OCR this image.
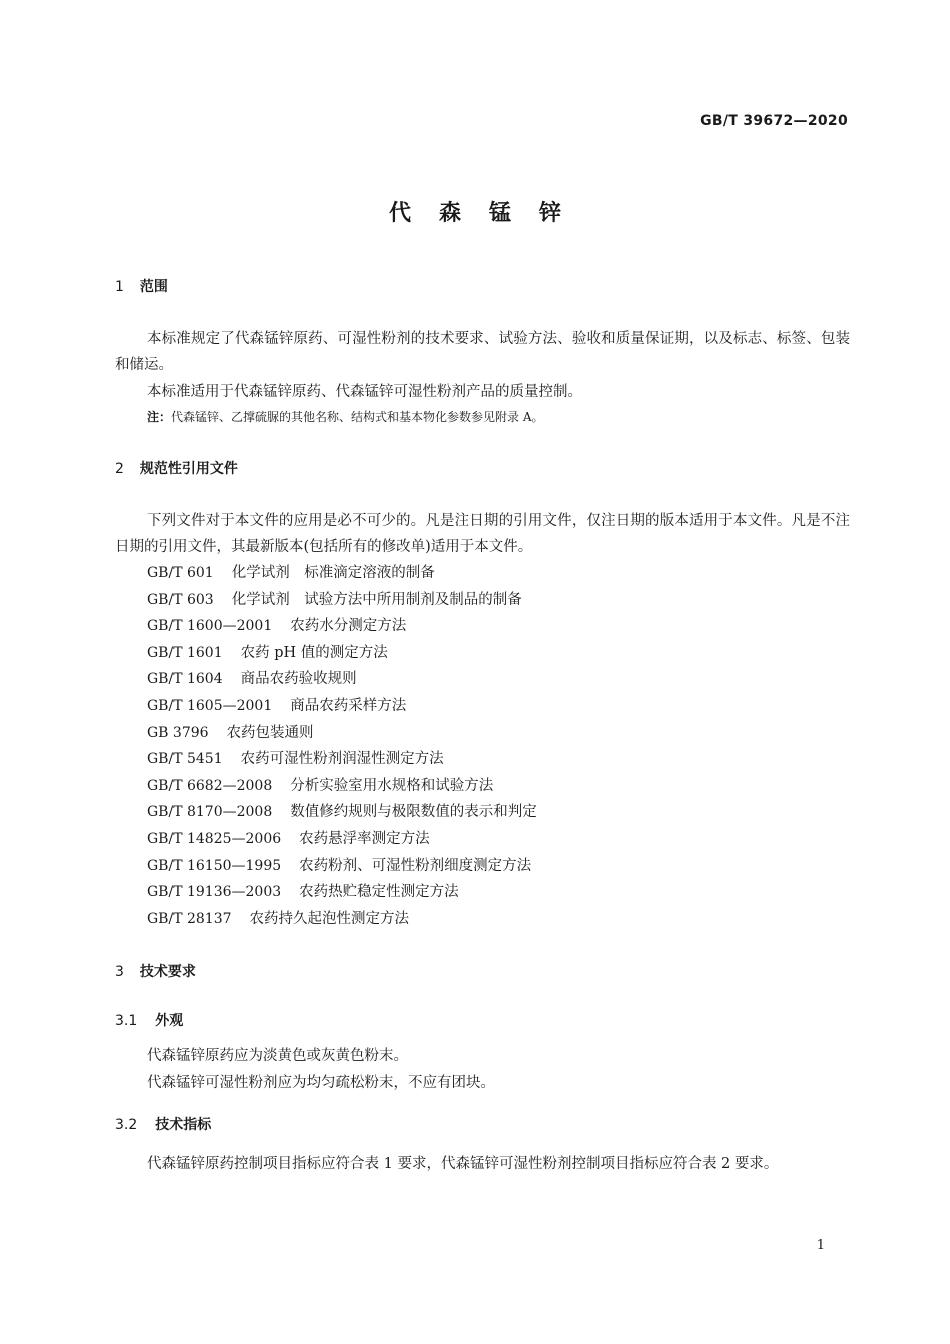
GB/T 39672—2020
代森锰锌
1 范围

本标准规定了代森锰锌原药、可湿性粉剂的技术要求、试验方法、验收和质量保证期，以及标志、标签、包装和储运。

本标准适用于代森锰锌原药、代森锰锌可湿性粉剂产品的质量控制。

注：代森锰锌、乙撑硫脲的其他名称、结构式和基本物化参数参见附录 A。
2 规范性引用文件

下列文件对于本文件的应用是必不可少的。凡是注日期的引用文件，仅注日期的版本适用于本文件。凡是不注日期的引用文件，其最新版本(包括所有的修改单)适用于本文件。

GB/T 601 化学试剂　标准滴定溶液的制备
GB/T 603 化学试剂　试验方法中所用制剂及制品的制备
GB/T 1600—2001 农药水分测定方法
GB/T 1601 农药 pH 值的测定方法
GB/T 1604 商品农药验收规则
GB/T 1605—2001 商品农药采样方法
GB 3796 农药包装通则
GB/T 5451 农药可湿性粉剂润湿性测定方法
GB/T 6682—2008 分析实验室用水规格和试验方法
GB/T 8170—2008 数值修约规则与极限数值的表示和判定
GB/T 14825—2006 农药悬浮率测定方法
GB/T 16150—1995 农药粉剂、可湿性粉剂细度测定方法
GB/T 19136—2003 农药热贮稳定性测定方法
GB/T 28137 农药持久起泡性测定方法
3 技术要求
3.1 外观

代森锰锌原药应为淡黄色或灰黄色粉末。

代森锰锌可湿性粉剂应为均匀疏松粉末，不应有团块。

3.2 技术指标

代森锰锌原药控制项目指标应符合表 1 要求，代森锰锌可湿性粉剂控制项目指标应符合表 2 要求。

1
